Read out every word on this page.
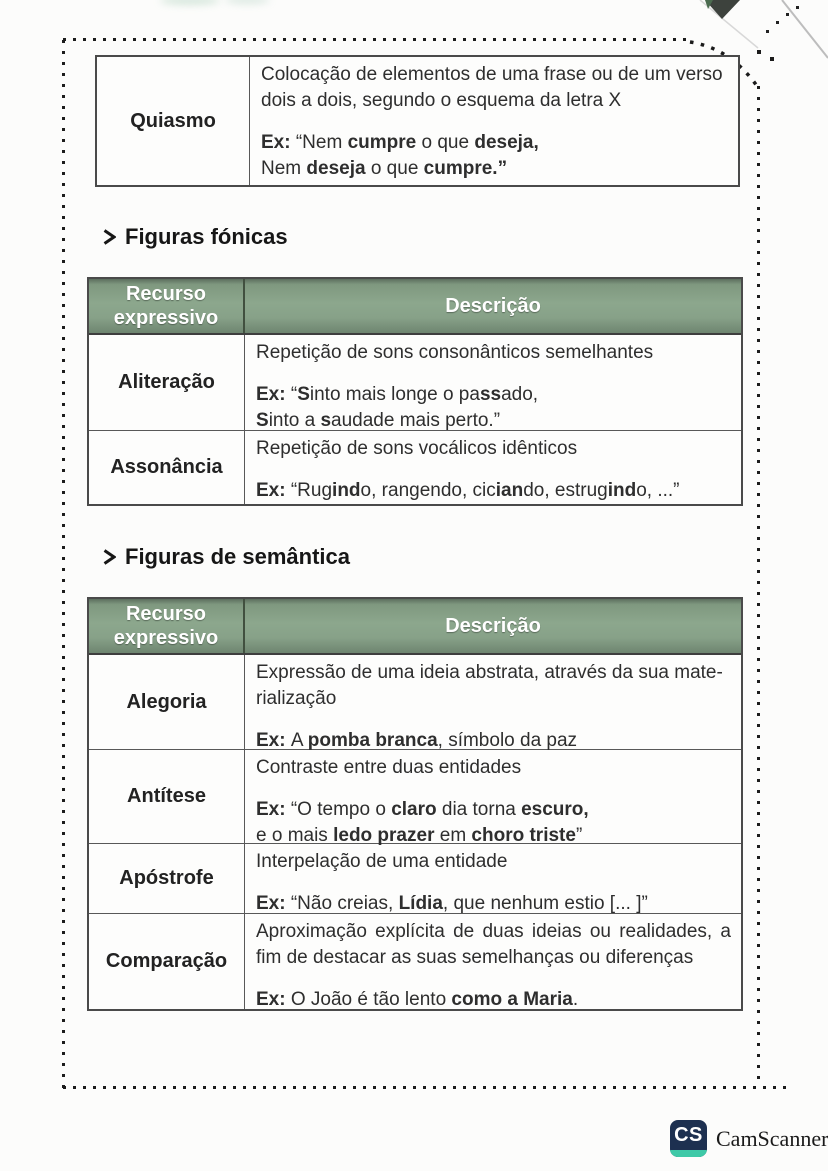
Quiasmo
Colocação de elementos de uma frase ou de um verso
dois a dois, segundo o esquema da letra X
Ex: “Nem cumpre o que deseja,
Nem deseja o que cumpre.”
Figuras fónicas
Recurso expressivo
Descrição
Aliteração
Repetição de sons consonânticos semelhantes
Ex: “Sinto mais longe o passado,
Sinto a saudade mais perto.”
Assonância
Repetição de sons vocálicos idênticos
Ex: “Rugindo, rangendo, ciciando, estrugindo, ...”
Figuras de semântica
Recurso expressivo
Descrição
Alegoria
Expressão de uma ideia abstrata, através da sua mate-
rialização
Ex: A pomba branca, símbolo da paz
Antítese
Contraste entre duas entidades
Ex: “O tempo o claro dia torna escuro,
e o mais ledo prazer em choro triste”
Apóstrofe
Interpelação de uma entidade
Ex: “Não creias, Lídia, que nenhum estio [... ]”
Comparação
Aproximação explícita de duas ideias ou realidades, a
fim de destacar as suas semelhanças ou diferenças
Ex: O João é tão lento como a Maria.
CS CamScanner
